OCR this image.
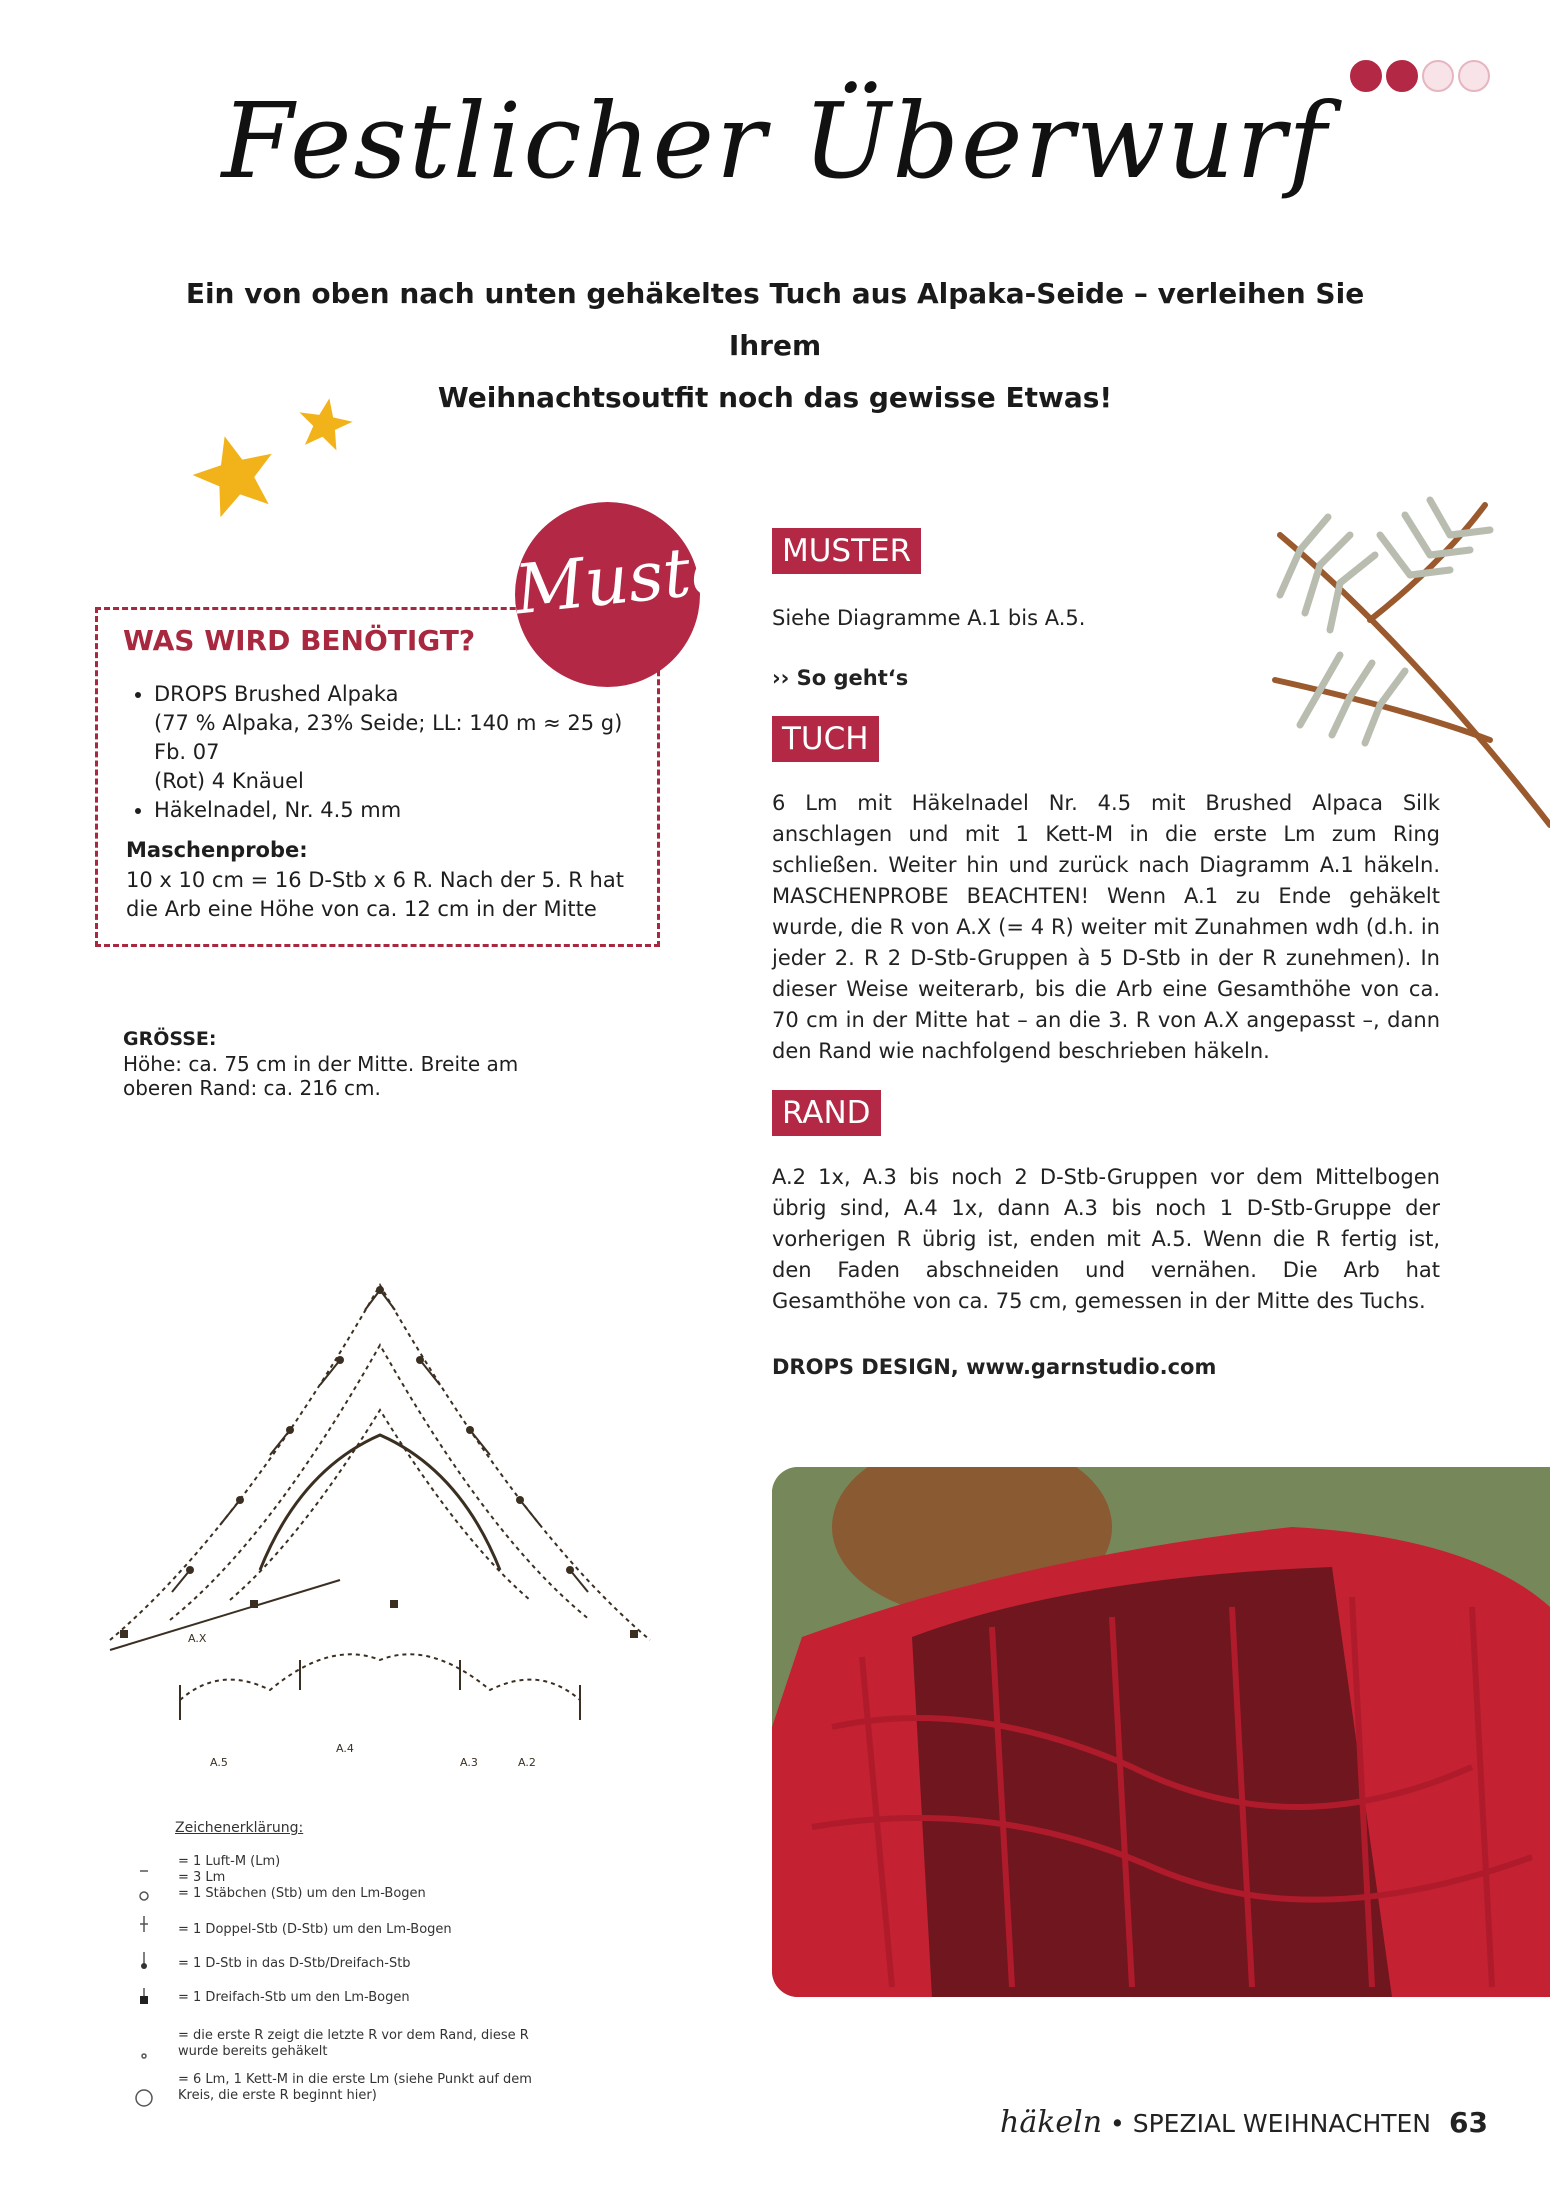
Festlicher Überwurf
Ein von oben nach unten gehäkeltes Tuch aus Alpaka-Seide – verleihen Sie Ihrem
Weihnachtsoutfit noch das gewisse Etwas!
WAS WIRD BENÖTIGT?
• DROPS Brushed Alpaka
(77 % Alpaka, 23% Seide; LL: 140 m ≈ 25 g) Fb. 07
(Rot) 4 Knäuel
• Häkelnadel, Nr. 4.5 mm
Maschenprobe:
10 x 10 cm = 16 D-Stb x 6 R. Nach der 5. R hat die Arb eine Höhe von ca. 12 cm in der Mitte
Muster
GRÖSSE:
Höhe: ca. 75 cm in der Mitte. Breite am oberen Rand: ca. 216 cm.
MUSTER
Siehe Diagramme A.1 bis A.5.
›› So geht‘s
TUCH
6 Lm mit Häkelnadel Nr. 4.5 mit Brushed Alpaca Silk anschlagen und mit 1 Kett-M in die erste Lm zum Ring schließen. Weiter hin und zurück nach Diagramm A.1 häkeln. MASCHENPROBE BEACHTEN! Wenn A.1 zu Ende gehäkelt wurde, die R von A.X (= 4 R) weiter mit Zunahmen wdh (d.h. in jeder 2. R 2 D-Stb-Gruppen à 5 D-Stb in der R zunehmen). In dieser Weise weiterarb, bis die Arb eine Gesamthöhe von ca. 70 cm in der Mitte hat – an die 3. R von A.X angepasst –, dann den Rand wie nachfolgend beschrieben häkeln.
RAND
A.2 1x, A.3 bis noch 2 D-Stb-Gruppen vor dem Mittelbogen übrig sind, A.4 1x, dann A.3 bis noch 1 D-Stb-Gruppe der vorherigen R übrig ist, enden mit A.5. Wenn die R fertig ist, den Faden abschneiden und vernähen. Die Arb hat Gesamthöhe von ca. 75 cm, gemessen in der Mitte des Tuchs.
DROPS DESIGN, www.garnstudio.com
A.X
A.5
A.4
A.3	A.2
Zeichenerklärung:
= 1 Luft-M (Lm)
= 3 Lm
= 1 Stäbchen (Stb) um den Lm-Bogen
= 1 Doppel-Stb (D-Stb) um den Lm-Bogen
= 1 D-Stb in das D-Stb/Dreifach-Stb
= 1 Dreifach-Stb um den Lm-Bogen
= die erste R zeigt die letzte R vor dem Rand, diese R wurde bereits gehäkelt
= 6 Lm, 1 Kett-M in die erste Lm (siehe Punkt auf dem Kreis, die erste R beginnt hier)
häkeln • SPEZIAL WEIHNACHTEN 63
